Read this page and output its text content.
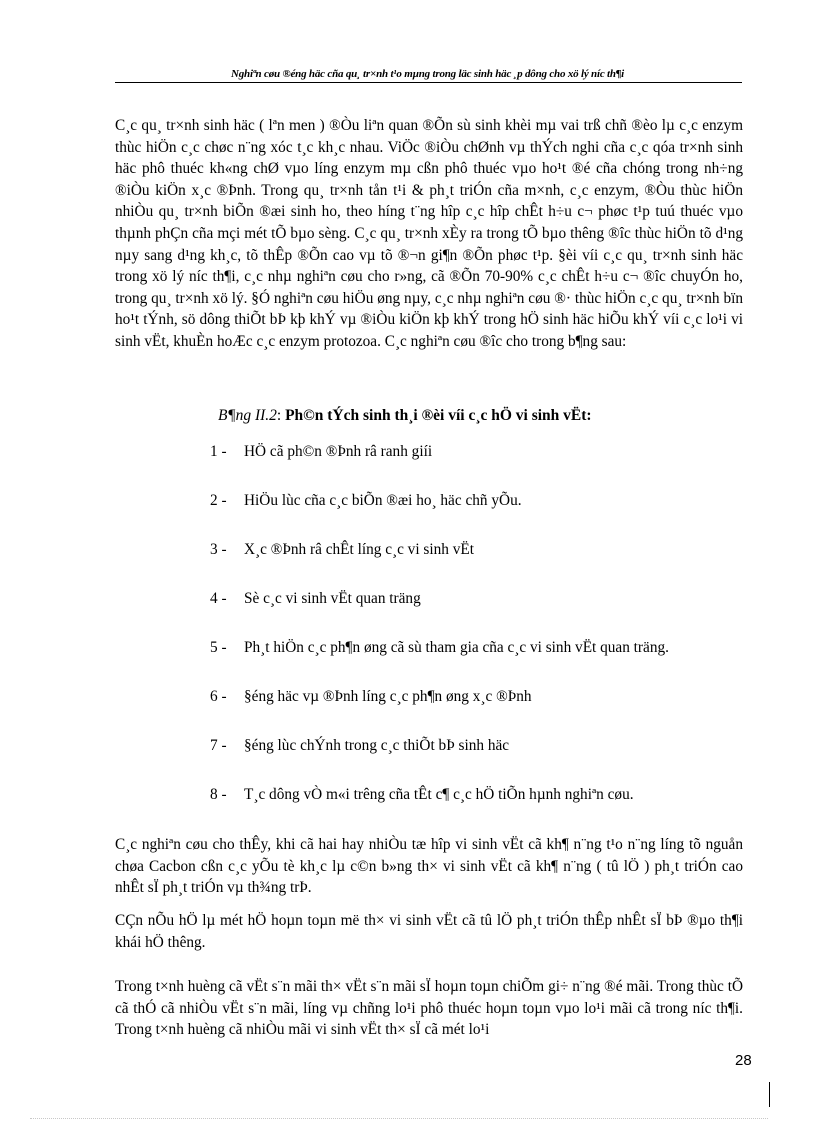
Nghiªn cøu ®éng häc cña qu¸ tr×nh t¹o mµng trong läc sinh häc ¸p dông cho xö lý níc th¶i

C¸c qu¸ tr×nh sinh häc ( lªn men ) ®Òu liªn quan ®Õn sù sinh khèi mµ vai trß chñ ®èo lµ c¸c enzym thùc hiÖn c¸c chøc n¨ng xóc t¸c kh¸c nhau. ViÖc ®iÒu chØnh vµ thÝch nghi cña c¸c qóa tr×nh sinh häc phô thuéc kh«ng chØ vµo líng enzym mµ cßn phô thuéc vµo ho¹t ®é cña chóng trong nh÷ng ®iÒu kiÖn x¸c ®Þnh. Trong qu¸ tr×nh tån t¹i & ph¸t triÓn cña m×nh, c¸c enzym, ®Òu thùc hiÖn nhiÒu qu¸ tr×nh biÕn ®æi sinh ho, theo híng t¨ng hîp c¸c hîp chÊt h÷u c¬ phøc t¹p tuú thuéc vµo thµnh phÇn cña mçi mét tÕ bµo sèng. C¸c qu¸ tr×nh xÈy ra trong tÕ bµo thêng ®îc thùc hiÖn tõ d¹ng nµy sang d¹ng kh¸c, tõ thÊp ®Õn cao vµ tõ ®¬n gi¶n ®Õn phøc t¹p. §èi víi c¸c qu¸ tr×nh sinh häc trong xö lý níc th¶i, c¸c nhµ nghiªn cøu cho r»ng, cã ®Õn 70-90% c¸c chÊt h÷u c¬ ®îc chuyÓn ho, trong qu¸ tr×nh xö lý. §Ó nghiªn cøu hiÖu øng nµy, c¸c nhµ nghiªn cøu ®· thùc hiÖn c¸c qu¸ tr×nh bïn ho¹t tÝnh, sö dông thiÕt bÞ kþ khÝ vµ ®iÒu kiÖn kþ khÝ trong hÖ sinh häc hiÕu khÝ víi c¸c lo¹i vi sinh vËt, khuÈn hoÆc c¸c enzym protozoa. C¸c nghiªn cøu ®îc cho trong b¶ng sau:

B¶ng II.2: Ph©n tÝch sinh th¸i ®èi víi c¸c hÖ vi sinh vËt:
1 - HÖ cã ph©n ®Þnh râ ranh giíi
2 - HiÖu lùc cña c¸c biÕn ®æi ho¸ häc chñ yÕu.
3 - X¸c ®Þnh râ chÊt líng c¸c vi sinh vËt
4 - Sè c¸c vi sinh vËt quan träng
5 - Ph¸t hiÖn c¸c ph¶n øng cã sù tham gia cña c¸c vi sinh vËt quan träng.
6 - §éng häc vµ ®Þnh líng c¸c ph¶n øng x¸c ®Þnh
7 - §éng lùc chÝnh trong c¸c thiÕt bÞ sinh häc
8 - T¸c dông vÒ m«i trêng cña tÊt c¶ c¸c hÖ tiÕn hµnh nghiªn cøu.

C¸c nghiªn cøu cho thÊy, khi cã hai hay nhiÒu tæ hîp vi sinh vËt cã kh¶ n¨ng t¹o n¨ng líng tõ nguån chøa Cacbon cßn c¸c yÕu tè kh¸c lµ c©n b»ng th× vi sinh vËt cã kh¶ n¨ng ( tû lÖ ) ph¸t triÓn cao nhÊt sÏ ph¸t triÓn vµ th¾ng trÞ.

CÇn nÕu hÖ lµ mét hÖ hoµn toµn më th× vi sinh vËt cã tû lÖ ph¸t triÓn thÊp nhÊt sÏ bÞ ®µo th¶i khái hÖ thêng.

Trong t×nh huèng cã vËt s¨n mãi th× vËt s¨n mãi sÏ hoµn toµn chiÕm gi÷ n¨ng ®é mãi. Trong thùc tÕ cã thÓ cã nhiÒu vËt s¨n mãi, líng vµ chñng lo¹i phô thuéc hoµn toµn vµo lo¹i mãi cã trong níc th¶i. Trong t×nh huèng cã nhiÒu mãi vi sinh vËt th× sÏ cã mét lo¹i

28
